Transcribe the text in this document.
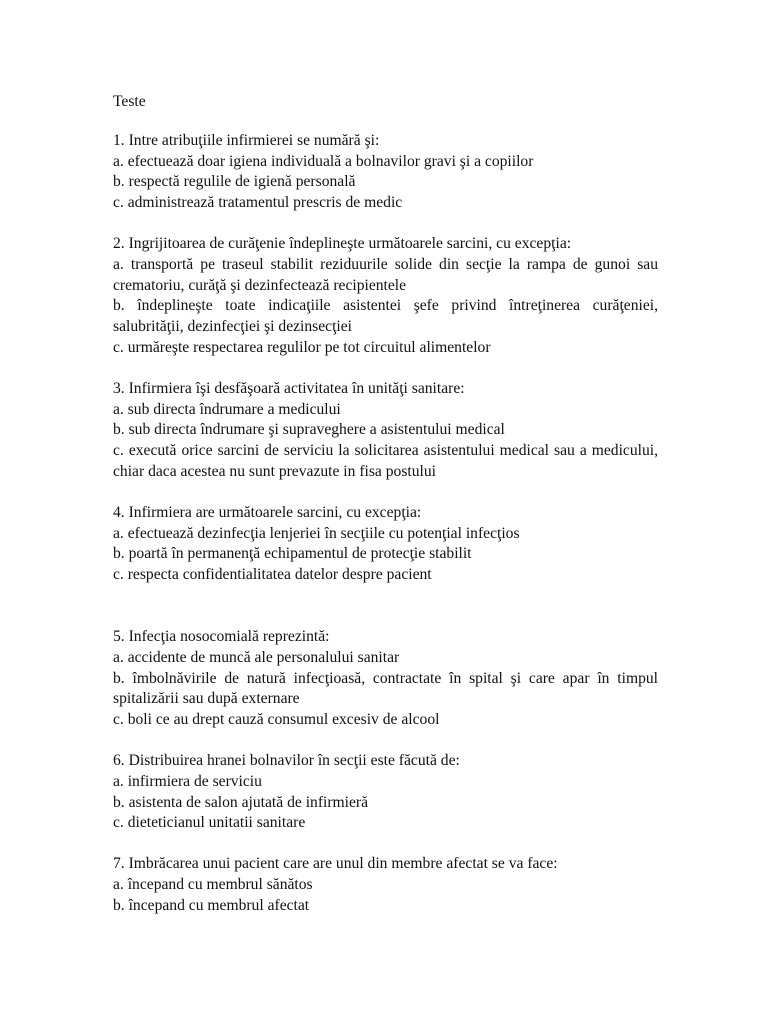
Teste
1. Intre atribuţiile infirmierei se numără şi:
a. efectuează doar igiena individuală a bolnavilor gravi şi a copiilor
b. respectă regulile de igienă personală
c. administrează tratamentul prescris de medic
2. Ingrijitoarea de curăţenie îndeplineşte următoarele sarcini, cu excepţia:
a. transportă pe traseul stabilit reziduurile solide din secţie la rampa de gunoi sau crematoriu, curăţă şi dezinfectează recipientele
b. îndeplineşte toate indicaţiile asistentei şefe privind întreţinerea curăţeniei, salubrităţii, dezinfecţiei şi dezinsecţiei
c. urmăreşte respectarea regulilor pe tot circuitul alimentelor
3. Infirmiera îşi desfăşoară activitatea în unităţi sanitare:
a. sub directa îndrumare a medicului
b. sub directa îndrumare şi supraveghere a asistentului medical
c. execută orice sarcini de serviciu la solicitarea asistentului medical sau a medicului, chiar daca acestea nu sunt prevazute in fisa postului
4. Infirmiera are următoarele sarcini, cu excepţia:
a. efectuează dezinfecţia lenjeriei în secţiile cu potenţial infecţios
b. poartă în permanenţă echipamentul de protecţie stabilit
c. respecta confidentialitatea datelor despre pacient
5. Infecţia nosocomială reprezintă:
a. accidente de muncă ale personalului sanitar
b. îmbolnăvirile de natură infecţioasă, contractate în spital şi care apar în timpul spitalizării sau după externare
c. boli ce au drept cauză consumul excesiv de alcool
6. Distribuirea hranei bolnavilor în secţii este făcută de:
a. infirmiera de serviciu
b. asistenta de salon ajutată de infirmieră
c. dieteticianul unitatii sanitare
7. Imbrăcarea unui pacient care are unul din membre afectat se va face:
a. începand cu membrul sănătos
b. începand cu membrul afectat
